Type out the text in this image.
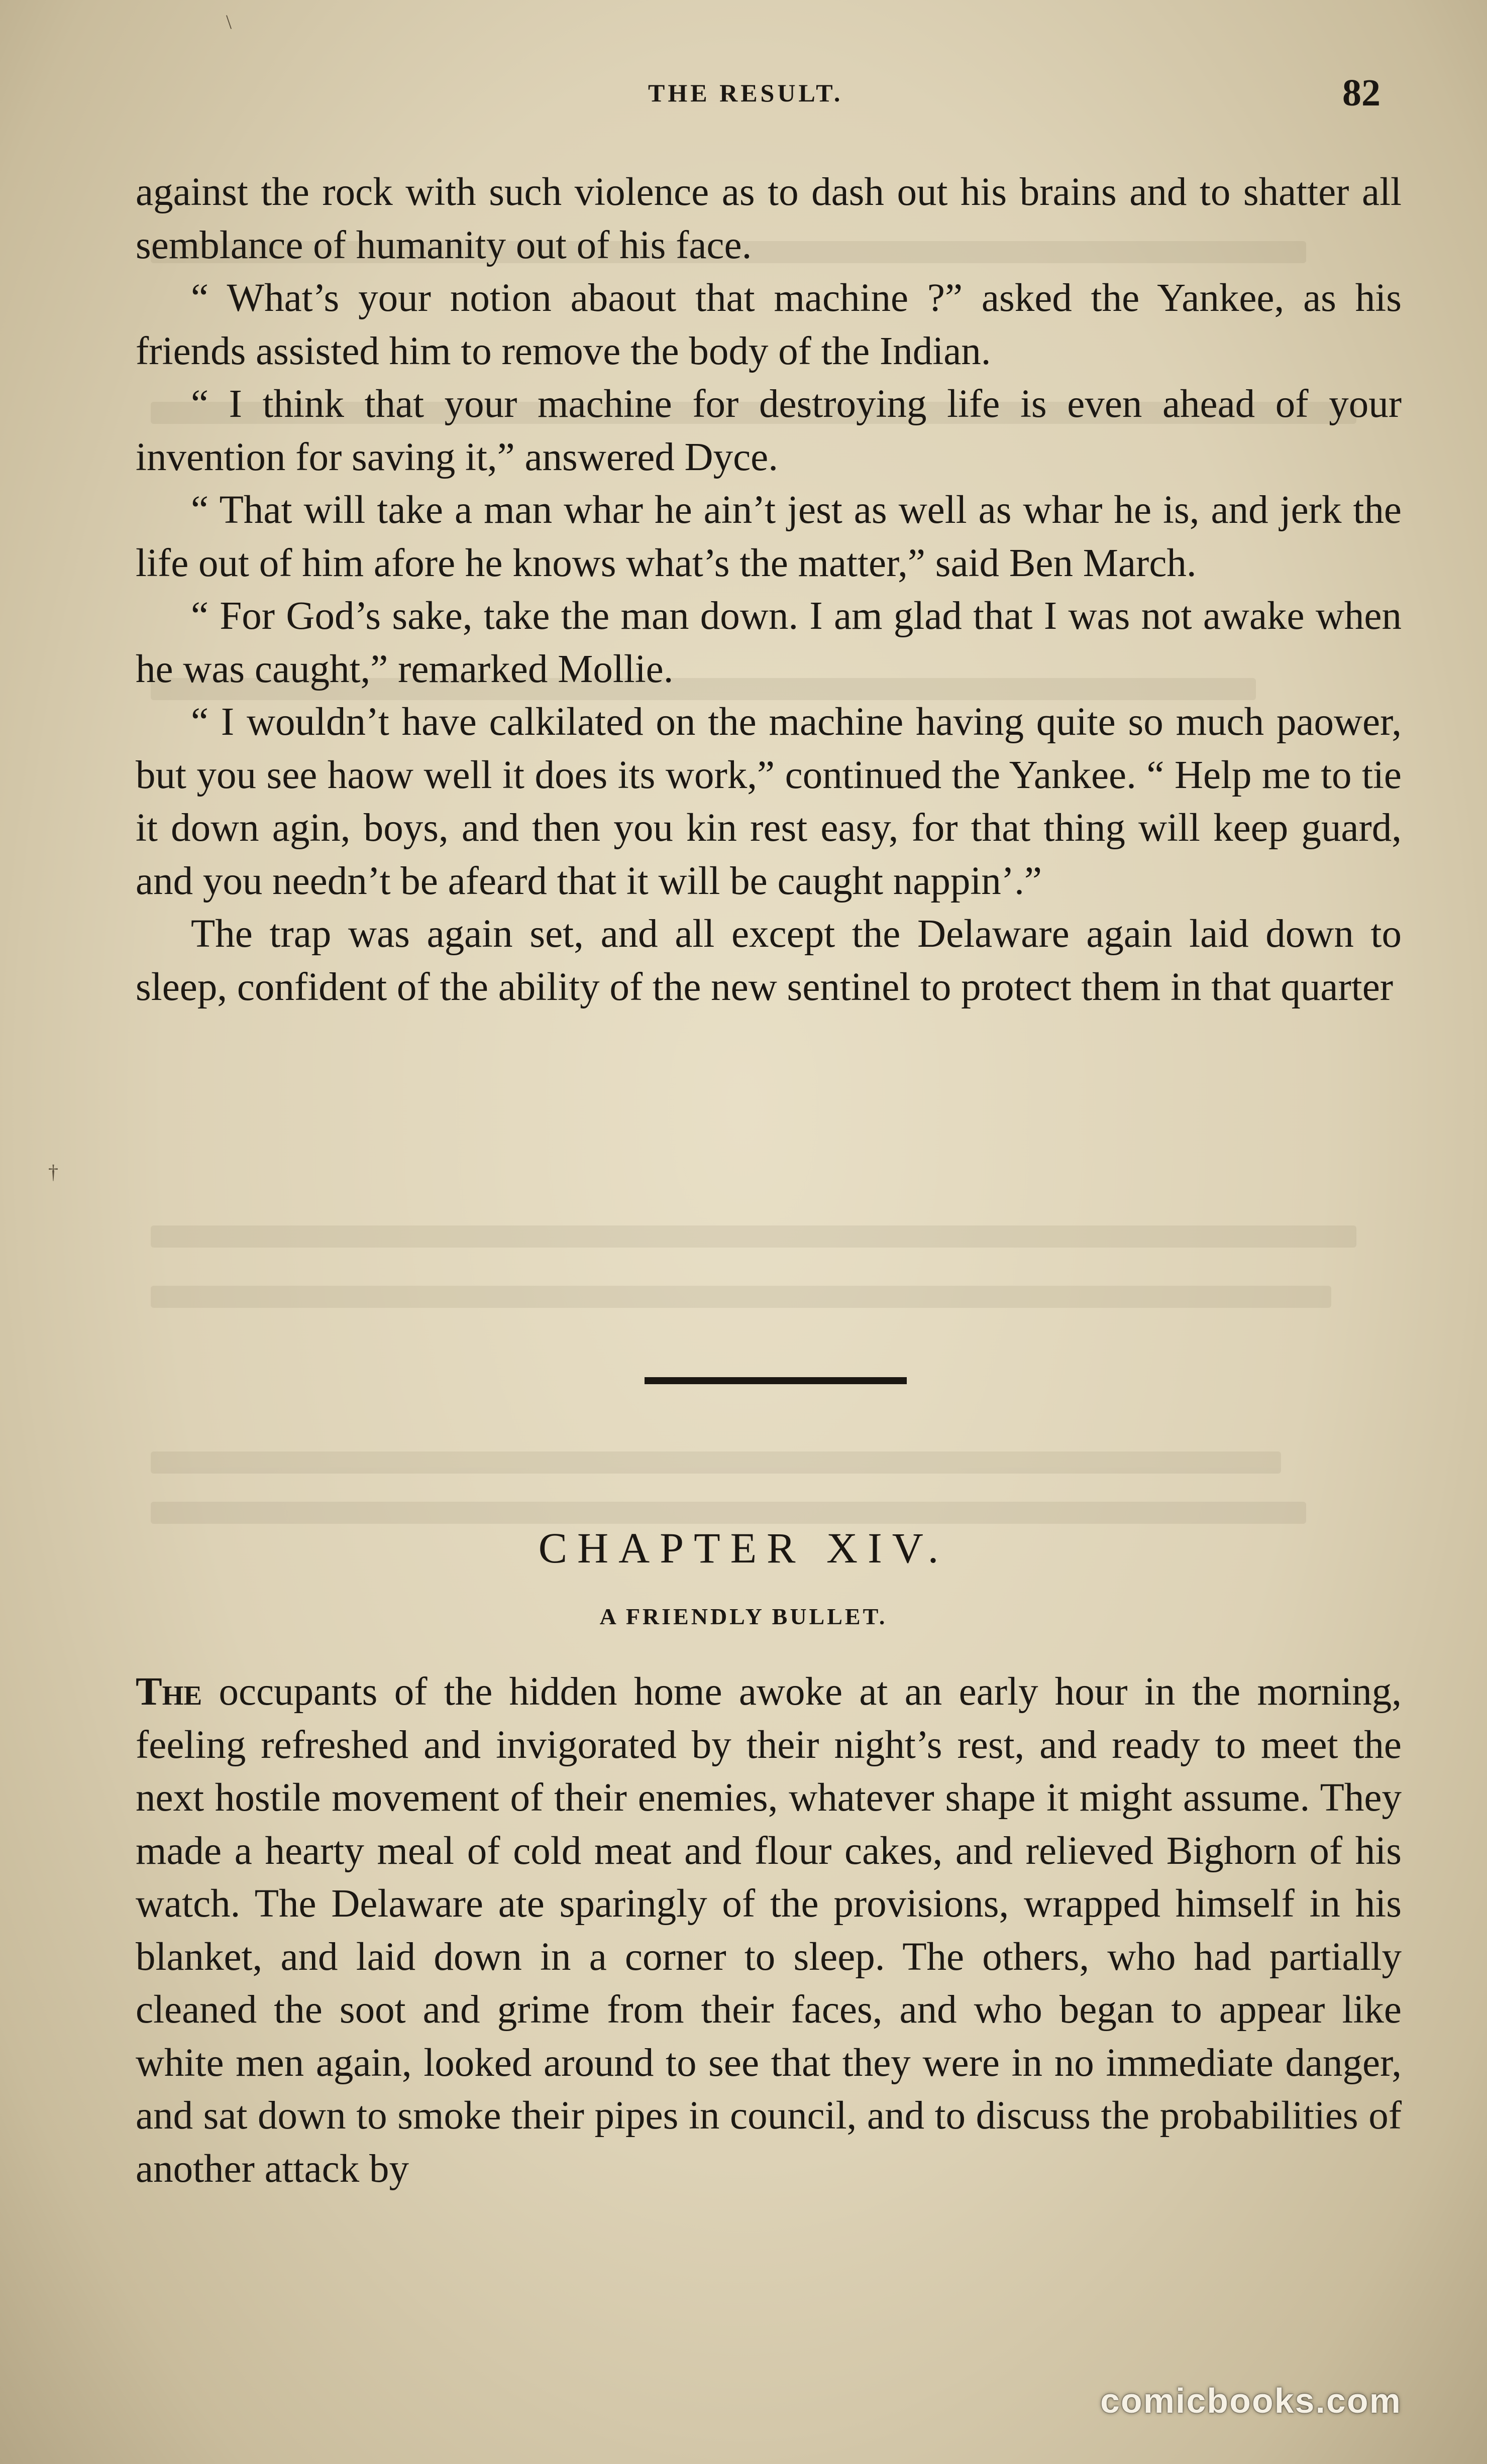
THE RESULT.	82

against the rock with such violence as to dash out his brains and to shatter all semblance of humanity out of his face.

“ What’s your notion abaout that machine ?” asked the Yankee, as his friends assisted him to remove the body of the Indian.

“ I think that your machine for destroying life is even ahead of your invention for saving it,” answered Dyce.

“ That will take a man whar he ain’t jest as well as whar he is, and jerk the life out of him afore he knows what’s the matter,” said Ben March.

“ For God’s sake, take the man down. I am glad that I was not awake when he was caught,” remarked Mollie.

“ I wouldn’t have calkilated on the machine having quite so much paower, but you see haow well it does its work,” continued the Yankee. “ Help me to tie it down agin, boys, and then you kin rest easy, for that thing will keep guard, and you needn’t be afeard that it will be caught nappin’.”

The trap was again set, and all except the Delaware again laid down to sleep, confident of the ability of the new sentinel to protect them in that quarter

CHAPTER XIV.
A FRIENDLY BULLET.

The occupants of the hidden home awoke at an early hour in the morning, feeling refreshed and invigorated by their night’s rest, and ready to meet the next hostile movement of their enemies, whatever shape it might assume. They made a hearty meal of cold meat and flour cakes, and relieved Bighorn of his watch. The Delaware ate sparingly of the provisions, wrapped himself in his blanket, and laid down in a corner to sleep. The others, who had partially cleaned the soot and grime from their faces, and who began to appear like white men again, looked around to see that they were in no immediate danger, and sat down to smoke their pipes in council, and to discuss the probabilities of another attack by

†
\
comicbooks.com
